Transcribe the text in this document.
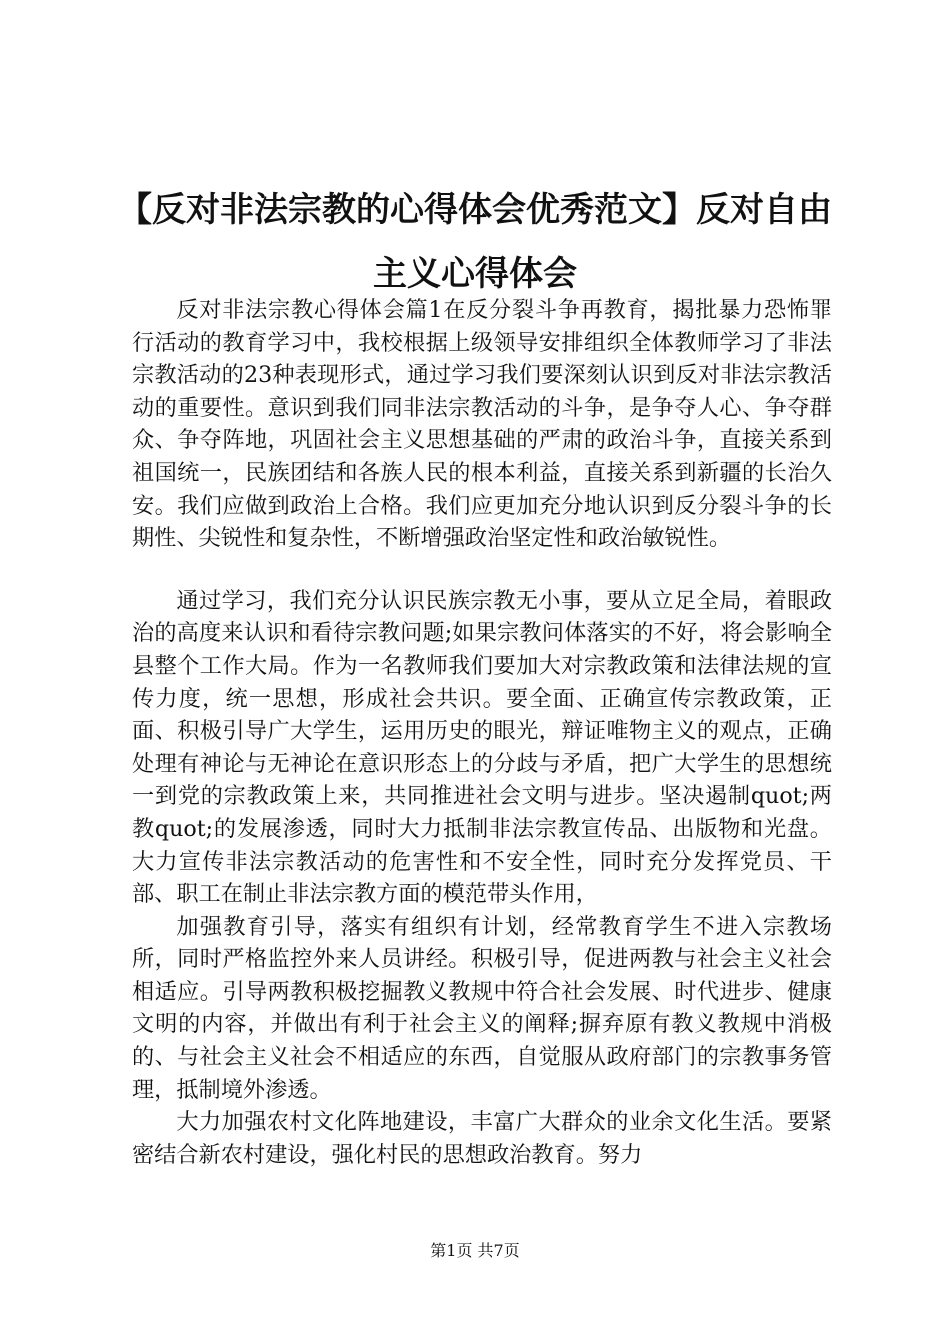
【反对非法宗教的心得体会优秀范文】反对自由主义心得体会

反对非法宗教心得体会篇1在反分裂斗争再教育，揭批暴力恐怖罪行活动的教育学习中，我校根据上级领导安排组织全体教师学习了非法宗教活动的23种表现形式，通过学习我们要深刻认识到反对非法宗教活动的重要性。意识到我们同非法宗教活动的斗争，是争夺人心、争夺群众、争夺阵地，巩固社会主义思想基础的严肃的政治斗争，直接关系到祖国统一，民族团结和各族人民的根本利益，直接关系到新疆的长治久安。我们应做到政治上合格。我们应更加充分地认识到反分裂斗争的长期性、尖锐性和复杂性，不断增强政治坚定性和政治敏锐性。

通过学习，我们充分认识民族宗教无小事，要从立足全局，着眼政治的高度来认识和看待宗教问题;如果宗教问体落实的不好，将会影响全县整个工作大局。作为一名教师我们要加大对宗教政策和法律法规的宣传力度，统一思想，形成社会共识。要全面、正确宣传宗教政策，正面、积极引导广大学生，运用历史的眼光，辩证唯物主义的观点，正确处理有神论与无神论在意识形态上的分歧与矛盾，把广大学生的思想统一到党的宗教政策上来，共同推进社会文明与进步。坚决遏制quot;两教quot;的发展渗透，同时大力抵制非法宗教宣传品、出版物和光盘。大力宣传非法宗教活动的危害性和不安全性，同时充分发挥党员、干部、职工在制止非法宗教方面的模范带头作用，

加强教育引导，落实有组织有计划，经常教育学生不进入宗教场所，同时严格监控外来人员讲经。积极引导，促进两教与社会主义社会相适应。引导两教积极挖掘教义教规中符合社会发展、时代进步、健康文明的内容，并做出有利于社会主义的阐释;摒弃原有教义教规中消极的、与社会主义社会不相适应的东西，自觉服从政府部门的宗教事务管理，抵制境外渗透。

大力加强农村文化阵地建设，丰富广大群众的业余文化生活。要紧密结合新农村建设，强化村民的思想政治教育。努力

第1页 共7页
